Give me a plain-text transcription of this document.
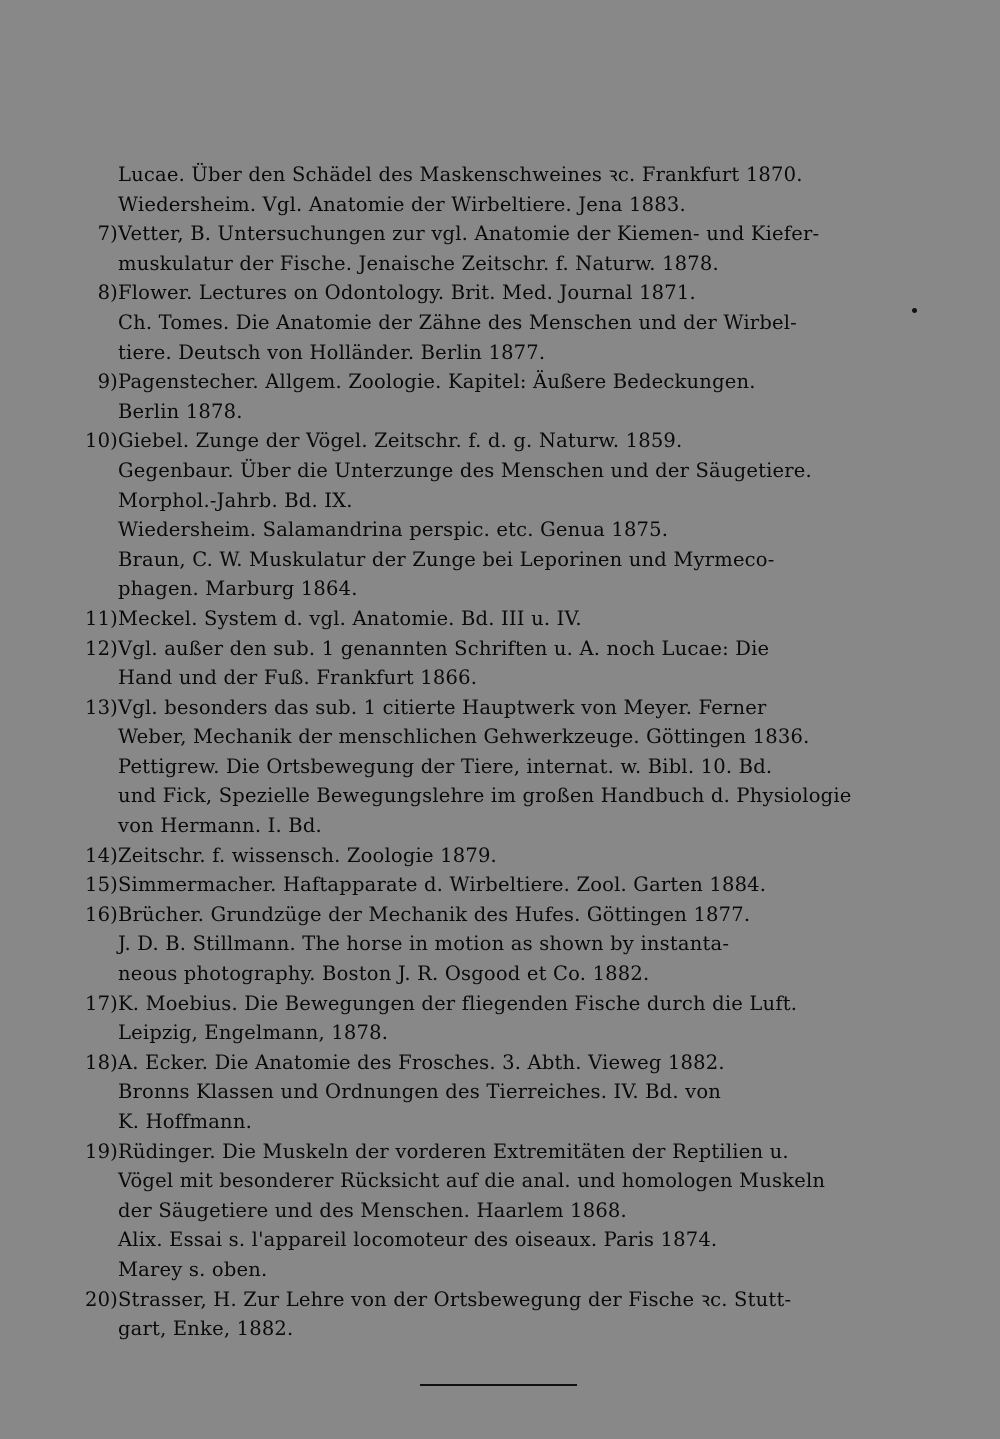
Lucae. Über den Schädel des Maskenschweines ꝛc. Frankfurt 1870.
Wiedersheim. Vgl. Anatomie der Wirbeltiere. Jena 1883.
7) Vetter, B. Untersuchungen zur vgl. Anatomie der Kiemen- und Kiefer-
muskulatur der Fische. Jenaische Zeitschr. f. Naturw. 1878.
8) Flower. Lectures on Odontology. Brit. Med. Journal 1871.
Ch. Tomes. Die Anatomie der Zähne des Menschen und der Wirbel-
tiere. Deutsch von Holländer. Berlin 1877.
9) Pagenstecher. Allgem. Zoologie. Kapitel: Äußere Bedeckungen.
Berlin 1878.
10) Giebel. Zunge der Vögel. Zeitschr. f. d. g. Naturw. 1859.
Gegenbaur. Über die Unterzunge des Menschen und der Säugetiere.
Morphol.-Jahrb. Bd. IX.
Wiedersheim. Salamandrina perspic. etc. Genua 1875.
Braun, C. W. Muskulatur der Zunge bei Leporinen und Myrmeco-
phagen. Marburg 1864.
11) Meckel. System d. vgl. Anatomie. Bd. III u. IV.
12) Vgl. außer den sub. 1 genannten Schriften u. A. noch Lucae: Die
Hand und der Fuß. Frankfurt 1866.
13) Vgl. besonders das sub. 1 citierte Hauptwerk von Meyer. Ferner
Weber, Mechanik der menschlichen Gehwerkzeuge. Göttingen 1836.
Pettigrew. Die Ortsbewegung der Tiere, internat. w. Bibl. 10. Bd.
und Fick, Spezielle Bewegungslehre im großen Handbuch d. Physiologie
von Hermann. I. Bd.
14) Zeitschr. f. wissensch. Zoologie 1879.
15) Simmermacher. Haftapparate d. Wirbeltiere. Zool. Garten 1884.
16) Brücher. Grundzüge der Mechanik des Hufes. Göttingen 1877.
J. D. B. Stillmann. The horse in motion as shown by instanta-
neous photography. Boston J. R. Osgood et Co. 1882.
17) K. Moebius. Die Bewegungen der fliegenden Fische durch die Luft.
Leipzig, Engelmann, 1878.
18) A. Ecker. Die Anatomie des Frosches. 3. Abth. Vieweg 1882.
Bronns Klassen und Ordnungen des Tierreiches. IV. Bd. von
K. Hoffmann.
19) Rüdinger. Die Muskeln der vorderen Extremitäten der Reptilien u.
Vögel mit besonderer Rücksicht auf die anal. und homologen Muskeln
der Säugetiere und des Menschen. Haarlem 1868.
Alix. Essai s. l'appareil locomoteur des oiseaux. Paris 1874.
Marey s. oben.
20) Strasser, H. Zur Lehre von der Ortsbewegung der Fische ꝛc. Stutt-
gart, Enke, 1882.
